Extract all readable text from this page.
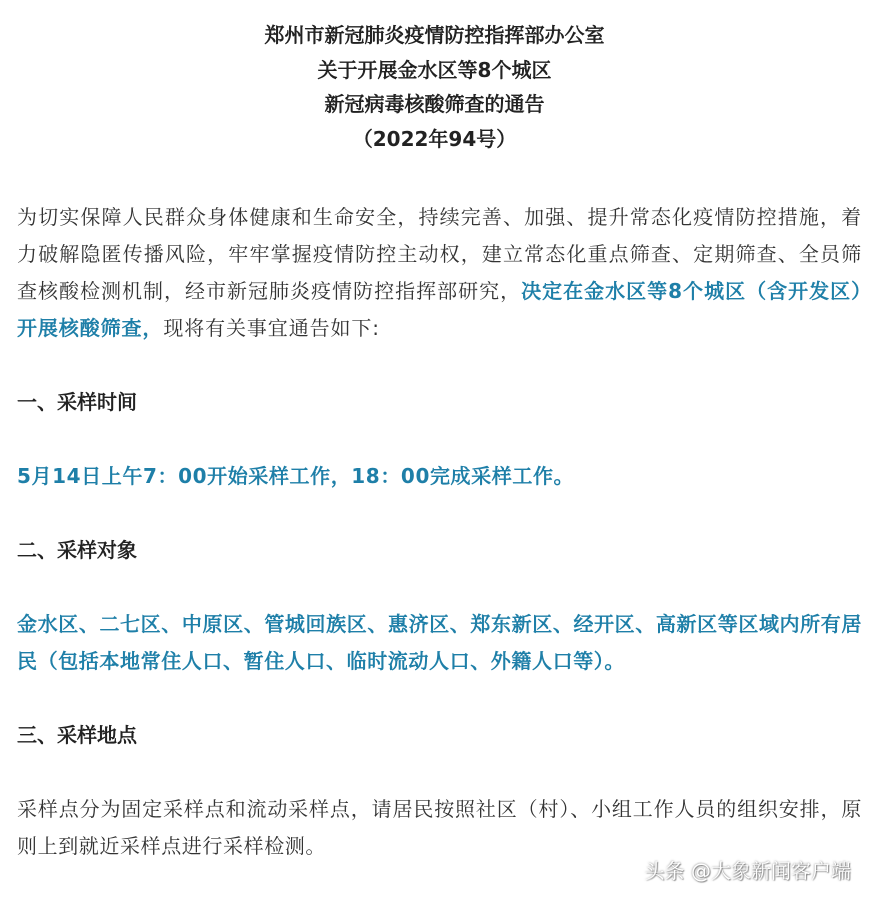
郑州市新冠肺炎疫情防控指挥部办公室
关于开展金水区等8个城区
新冠病毒核酸筛查的通告
（2022年94号）

为切实保障人民群众身体健康和生命安全，持续完善、加强、提升常态化疫情防控措施，着力破解隐匿传播风险，牢牢掌握疫情防控主动权，建立常态化重点筛查、定期筛查、全员筛查核酸检测机制，经市新冠肺炎疫情防控指挥部研究，决定在金水区等8个城区（含开发区）开展核酸筛查，现将有关事宜通告如下:

一、采样时间

5月14日上午7：00开始采样工作，18：00完成采样工作。

二、采样对象

金水区、二七区、中原区、管城回族区、惠济区、郑东新区、经开区、高新区等区域内所有居民（包括本地常住人口、暂住人口、临时流动人口、外籍人口等）。

三、采样地点

采样点分为固定采样点和流动采样点，请居民按照社区（村）、小组工作人员的组织安排，原则上到就近采样点进行采样检测。

头条 @大象新闻客户端
